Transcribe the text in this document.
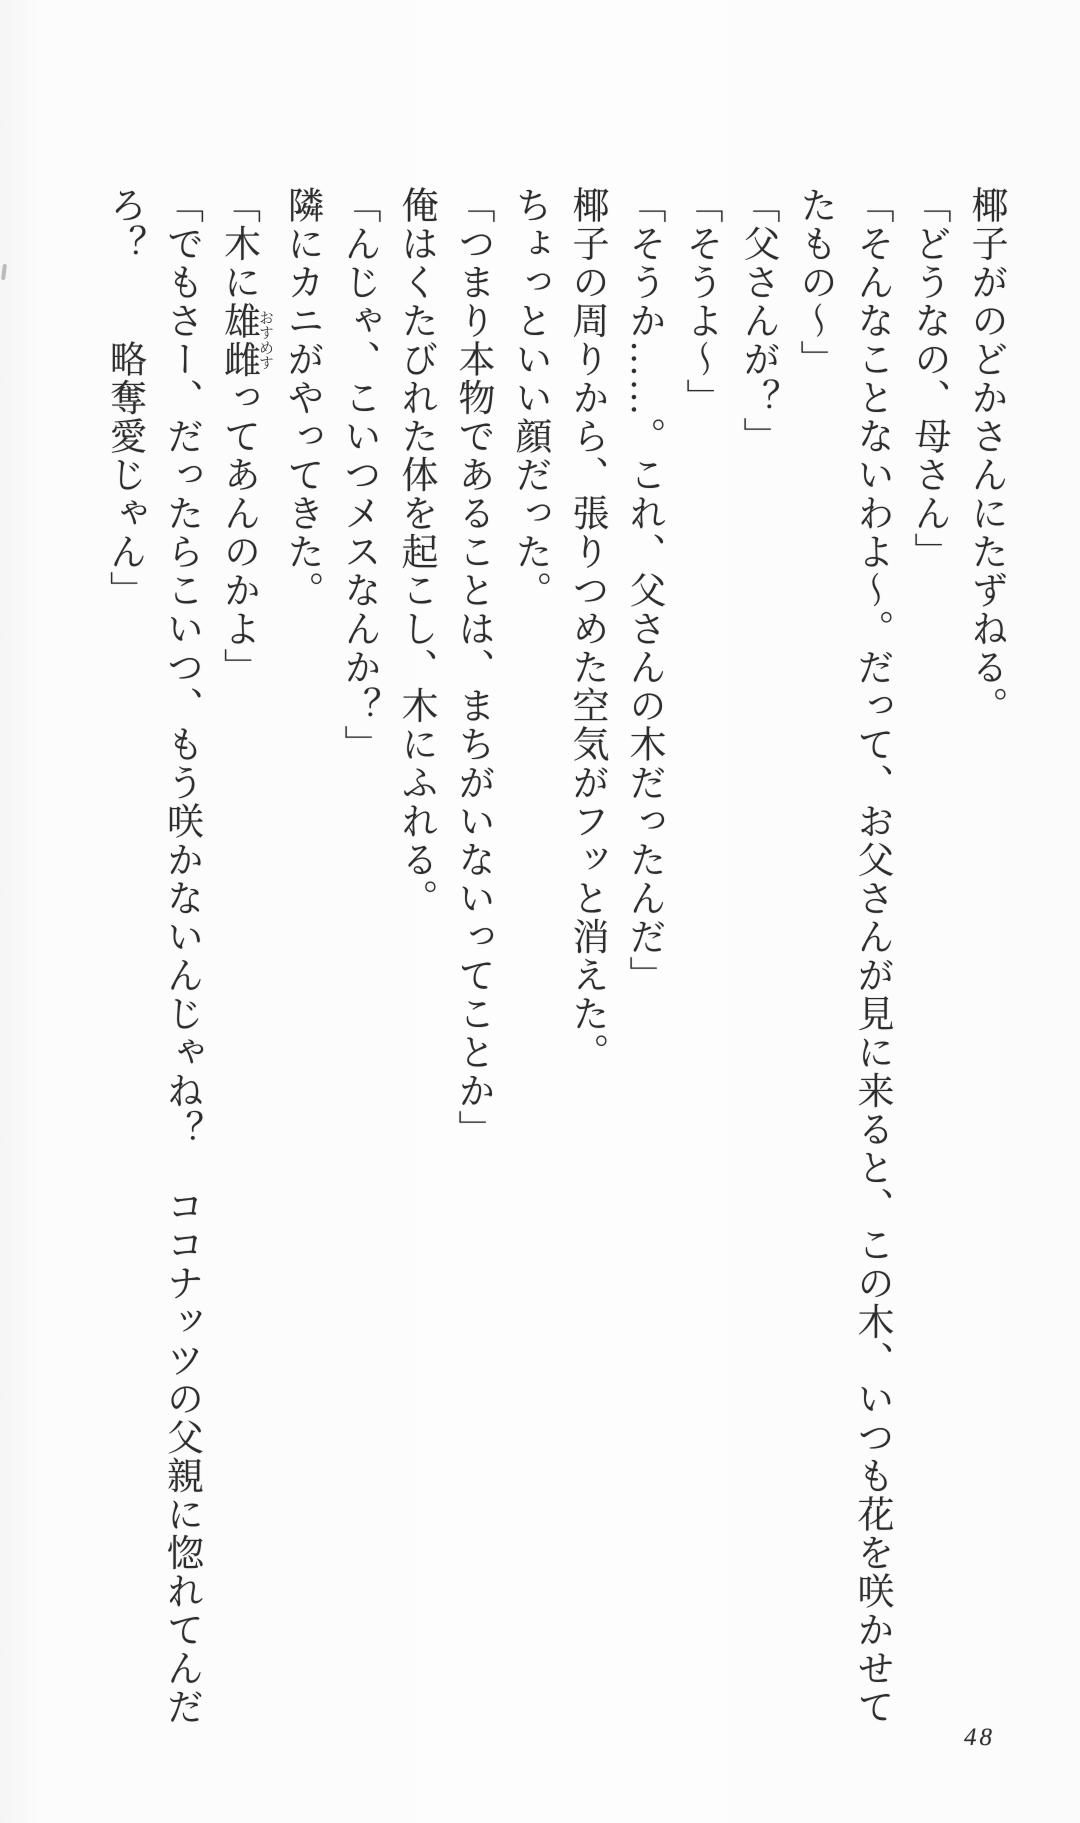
椰子がのどかさんにたずねる。

「どうなの、母さん」

「そんなことないわよ〜。だって、お父さんが見に来ると、この木、いつも花を咲かせて

たもの〜」

「父さんが？」

「そうよ〜」

「そうか……。これ、父さんの木だったんだ」

椰子の周りから、張りつめた空気がフッと消えた。

ちょっといい顔だった。

「つまり本物であることは、まちがいないってことか」

俺はくたびれた体を起こし、木にふれる。

「んじゃ、こいつメスなんか？」

隣にカニがやってきた。

「木に雄雌おすめすってあんのかよ」

「でもさー、だったらこいつ、もう咲かないんじゃね？　ココナッツの父親に惚れてんだ

ろ？　　略奪愛じゃん」

48
